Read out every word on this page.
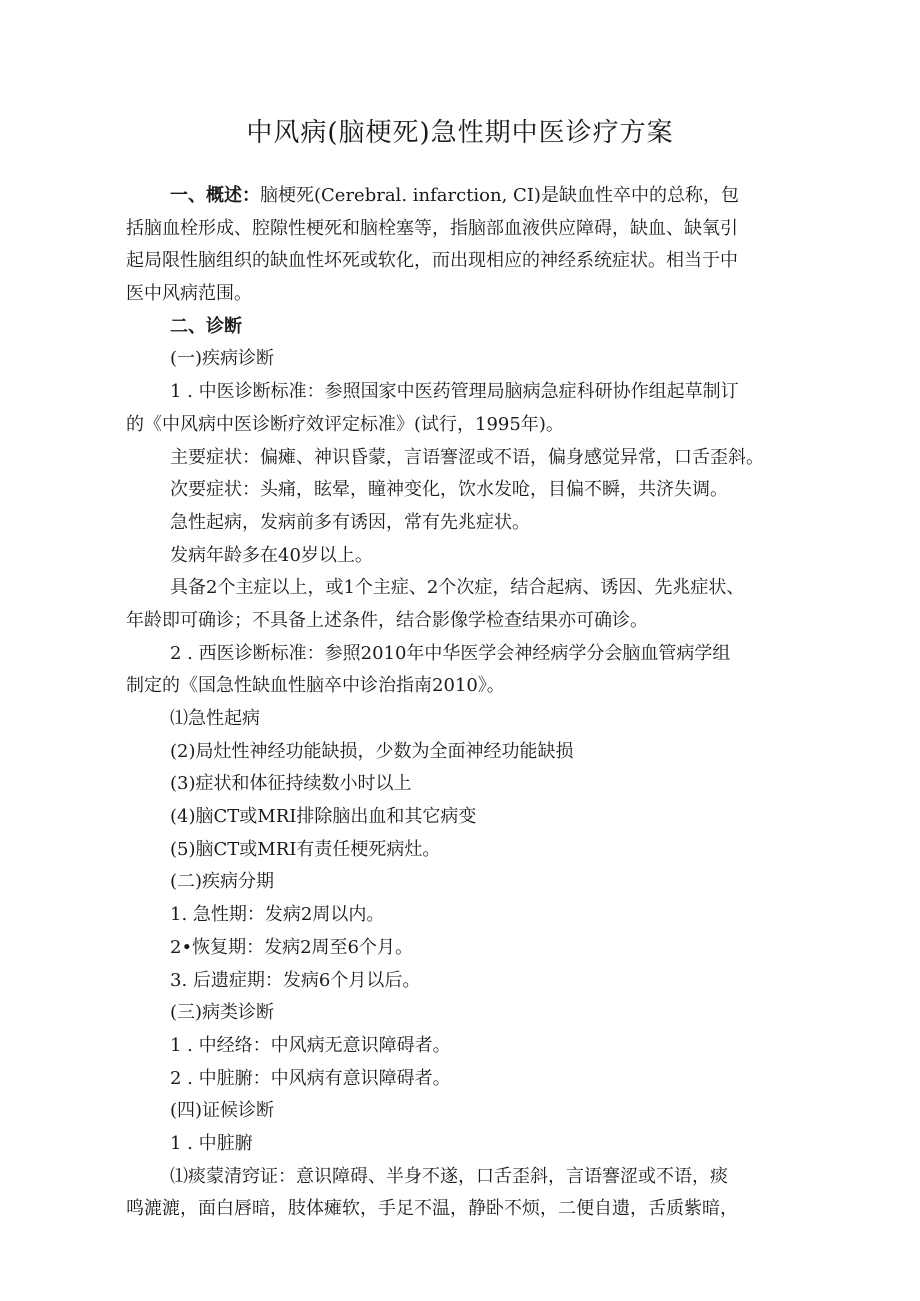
中风病(脑梗死)急性期中医诊疗方案
一、概述：脑梗死(Cerebral. infarction, CI)是缺血性卒中的总称，包
括脑血栓形成、腔隙性梗死和脑栓塞等，指脑部血液供应障碍，缺血、缺氧引
起局限性脑组织的缺血性坏死或软化，而出现相应的神经系统症状。相当于中
医中风病范围。
二、诊断
(一)疾病诊断
1 . 中医诊断标准：参照国家中医药管理局脑病急症科研协作组起草制订
的《中风病中医诊断疗效评定标准》(试行，1995年)。
主要症状：偏瘫、神识昏蒙，言语謇涩或不语，偏身感觉异常，口舌歪斜。
次要症状：头痛，眩晕，瞳神变化，饮水发呛，目偏不瞬，共济失调。
急性起病，发病前多有诱因，常有先兆症状。
发病年龄多在40岁以上。
具备2个主症以上，或1个主症、2个次症，结合起病、诱因、先兆症状、
年龄即可确诊；不具备上述条件，结合影像学检查结果亦可确诊。
2 . 西医诊断标准：参照2010年中华医学会神经病学分会脑血管病学组
制定的《国急性缺血性脑卒中诊治指南2010》。
⑴急性起病
(2)局灶性神经功能缺损，少数为全面神经功能缺损
(3)症状和体征持续数小时以上
(4)脑CT或MRI排除脑出血和其它病变
(5)脑CT或MRI有责任梗死病灶。
(二)疾病分期
1. 急性期：发病2周以内。
2•恢复期：发病2周至6个月。
3. 后遗症期：发病6个月以后。
(三)病类诊断
1 . 中经络：中风病无意识障碍者。
2 . 中脏腑：中风病有意识障碍者。
(四)证候诊断
1 . 中脏腑
⑴痰蒙清窍证：意识障碍、半身不遂，口舌歪斜，言语謇涩或不语，痰
鸣漉漉，面白唇暗，肢体瘫软，手足不温，静卧不烦，二便自遗，舌质紫暗，
